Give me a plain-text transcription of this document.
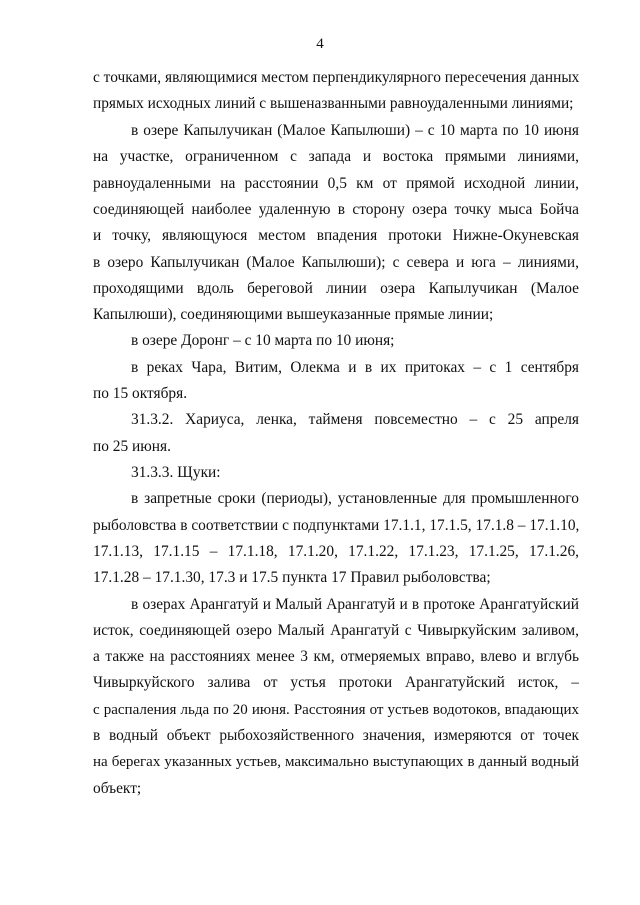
4
с точками, являющимися местом перпендикулярного пересечения данных
прямых исходных линий с вышеназванными равноудаленными линиями;
в озере Капылучикан (Малое Капылюши) – с 10 марта по 10 июня
на участке, ограниченном с запада и востока прямыми линиями,
равноудаленными на расстоянии 0,5 км от прямой исходной линии,
соединяющей наиболее удаленную в сторону озера точку мыса Бойча
и точку, являющуюся местом впадения протоки Нижне-Окуневская
в озеро Капылучикан (Малое Капылюши); с севера и юга – линиями,
проходящими вдоль береговой линии озера Капылучикан (Малое
Капылюши), соединяющими вышеуказанные прямые линии;
в озере Доронг – с 10 марта по 10 июня;
в реках Чара, Витим, Олекма и в их притоках – с 1 сентября
по 15 октября.
31.3.2. Хариуса, ленка, тайменя повсеместно – с 25 апреля
по 25 июня.
31.3.3. Щуки:
в запретные сроки (периоды), установленные для промышленного
рыболовства в соответствии с подпунктами 17.1.1, 17.1.5, 17.1.8 – 17.1.10,
17.1.13, 17.1.15 – 17.1.18, 17.1.20, 17.1.22, 17.1.23, 17.1.25, 17.1.26,
17.1.28 – 17.1.30, 17.3 и 17.5 пункта 17 Правил рыболовства;
в озерах Арангатуй и Малый Арангатуй и в протоке Арангатуйский
исток, соединяющей озеро Малый Арангатуй с Чивыркуйским заливом,
а также на расстояниях менее 3 км, отмеряемых вправо, влево и вглубь
Чивыркуйского залива от устья протоки Арангатуйский исток, –
с распаления льда по 20 июня. Расстояния от устьев водотоков, впадающих
в водный объект рыбохозяйственного значения, измеряются от точек
на берегах указанных устьев, максимально выступающих в данный водный
объект;
